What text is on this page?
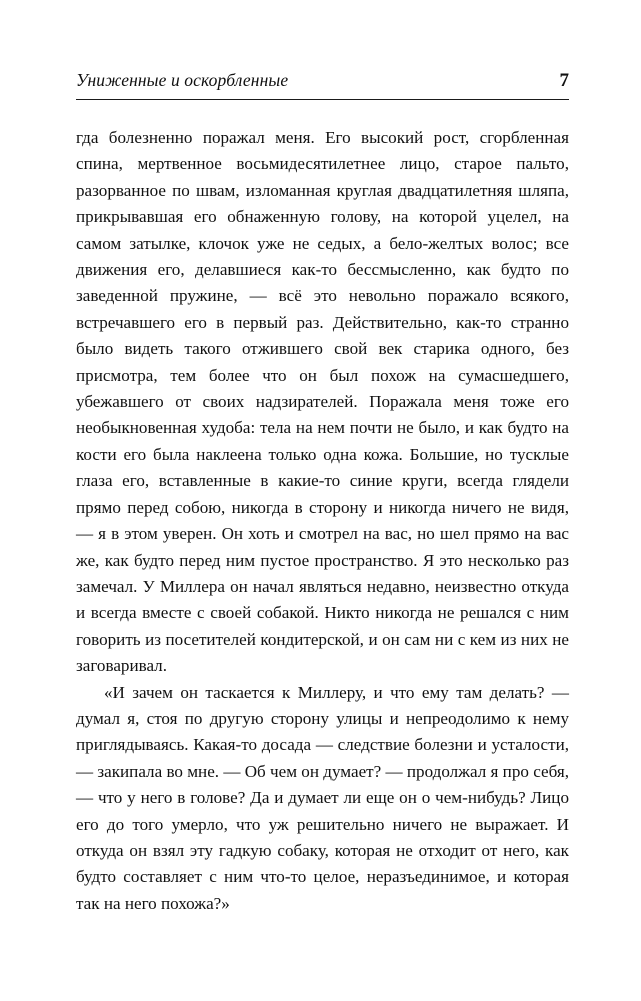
Униженные и оскорбленные	7

гда болезненно поражал меня. Его высокий рост, сгорбленная спина, мертвенное восьмидесятилетнее лицо, старое пальто, разорванное по швам, изломанная круглая двадцатилетняя шляпа, прикрывавшая его обнаженную голову, на которой уцелел, на самом затылке, клочок уже не седых, а бело-желтых волос; все движения его, делавшиеся как-то бессмысленно, как будто по заведенной пружине, — всё это невольно поражало всякого, встречавшего его в первый раз. Действительно, как-то странно было видеть такого отжившего свой век старика одного, без присмотра, тем более что он был похож на сумасшедшего, убежавшего от своих надзирателей. Поражала меня тоже его необыкновенная худоба: тела на нем почти не было, и как будто на кости его была наклеена только одна кожа. Большие, но тусклые глаза его, вставленные в какие-то синие круги, всегда глядели прямо перед собою, никогда в сторону и никогда ничего не видя, — я в этом уверен. Он хоть и смотрел на вас, но шел прямо на вас же, как будто перед ним пустое пространство. Я это несколько раз замечал. У Миллера он начал являться недавно, неизвестно откуда и всегда вместе с своей собакой. Никто никогда не решался с ним говорить из посетителей кондитерской, и он сам ни с кем из них не заговаривал.

«И зачем он таскается к Миллеру, и что ему там делать? — думал я, стоя по другую сторону улицы и непреодолимо к нему приглядываясь. Какая-то досада — следствие болезни и усталости, — закипала во мне. — Об чем он думает? — продолжал я про себя, — что у него в голове? Да и думает ли еще он о чем-нибудь? Лицо его до того умерло, что уж решительно ничего не выражает. И откуда он взял эту гадкую собаку, которая не отходит от него, как будто составляет с ним что-то целое, неразъединимое, и которая так на него похожа?»
